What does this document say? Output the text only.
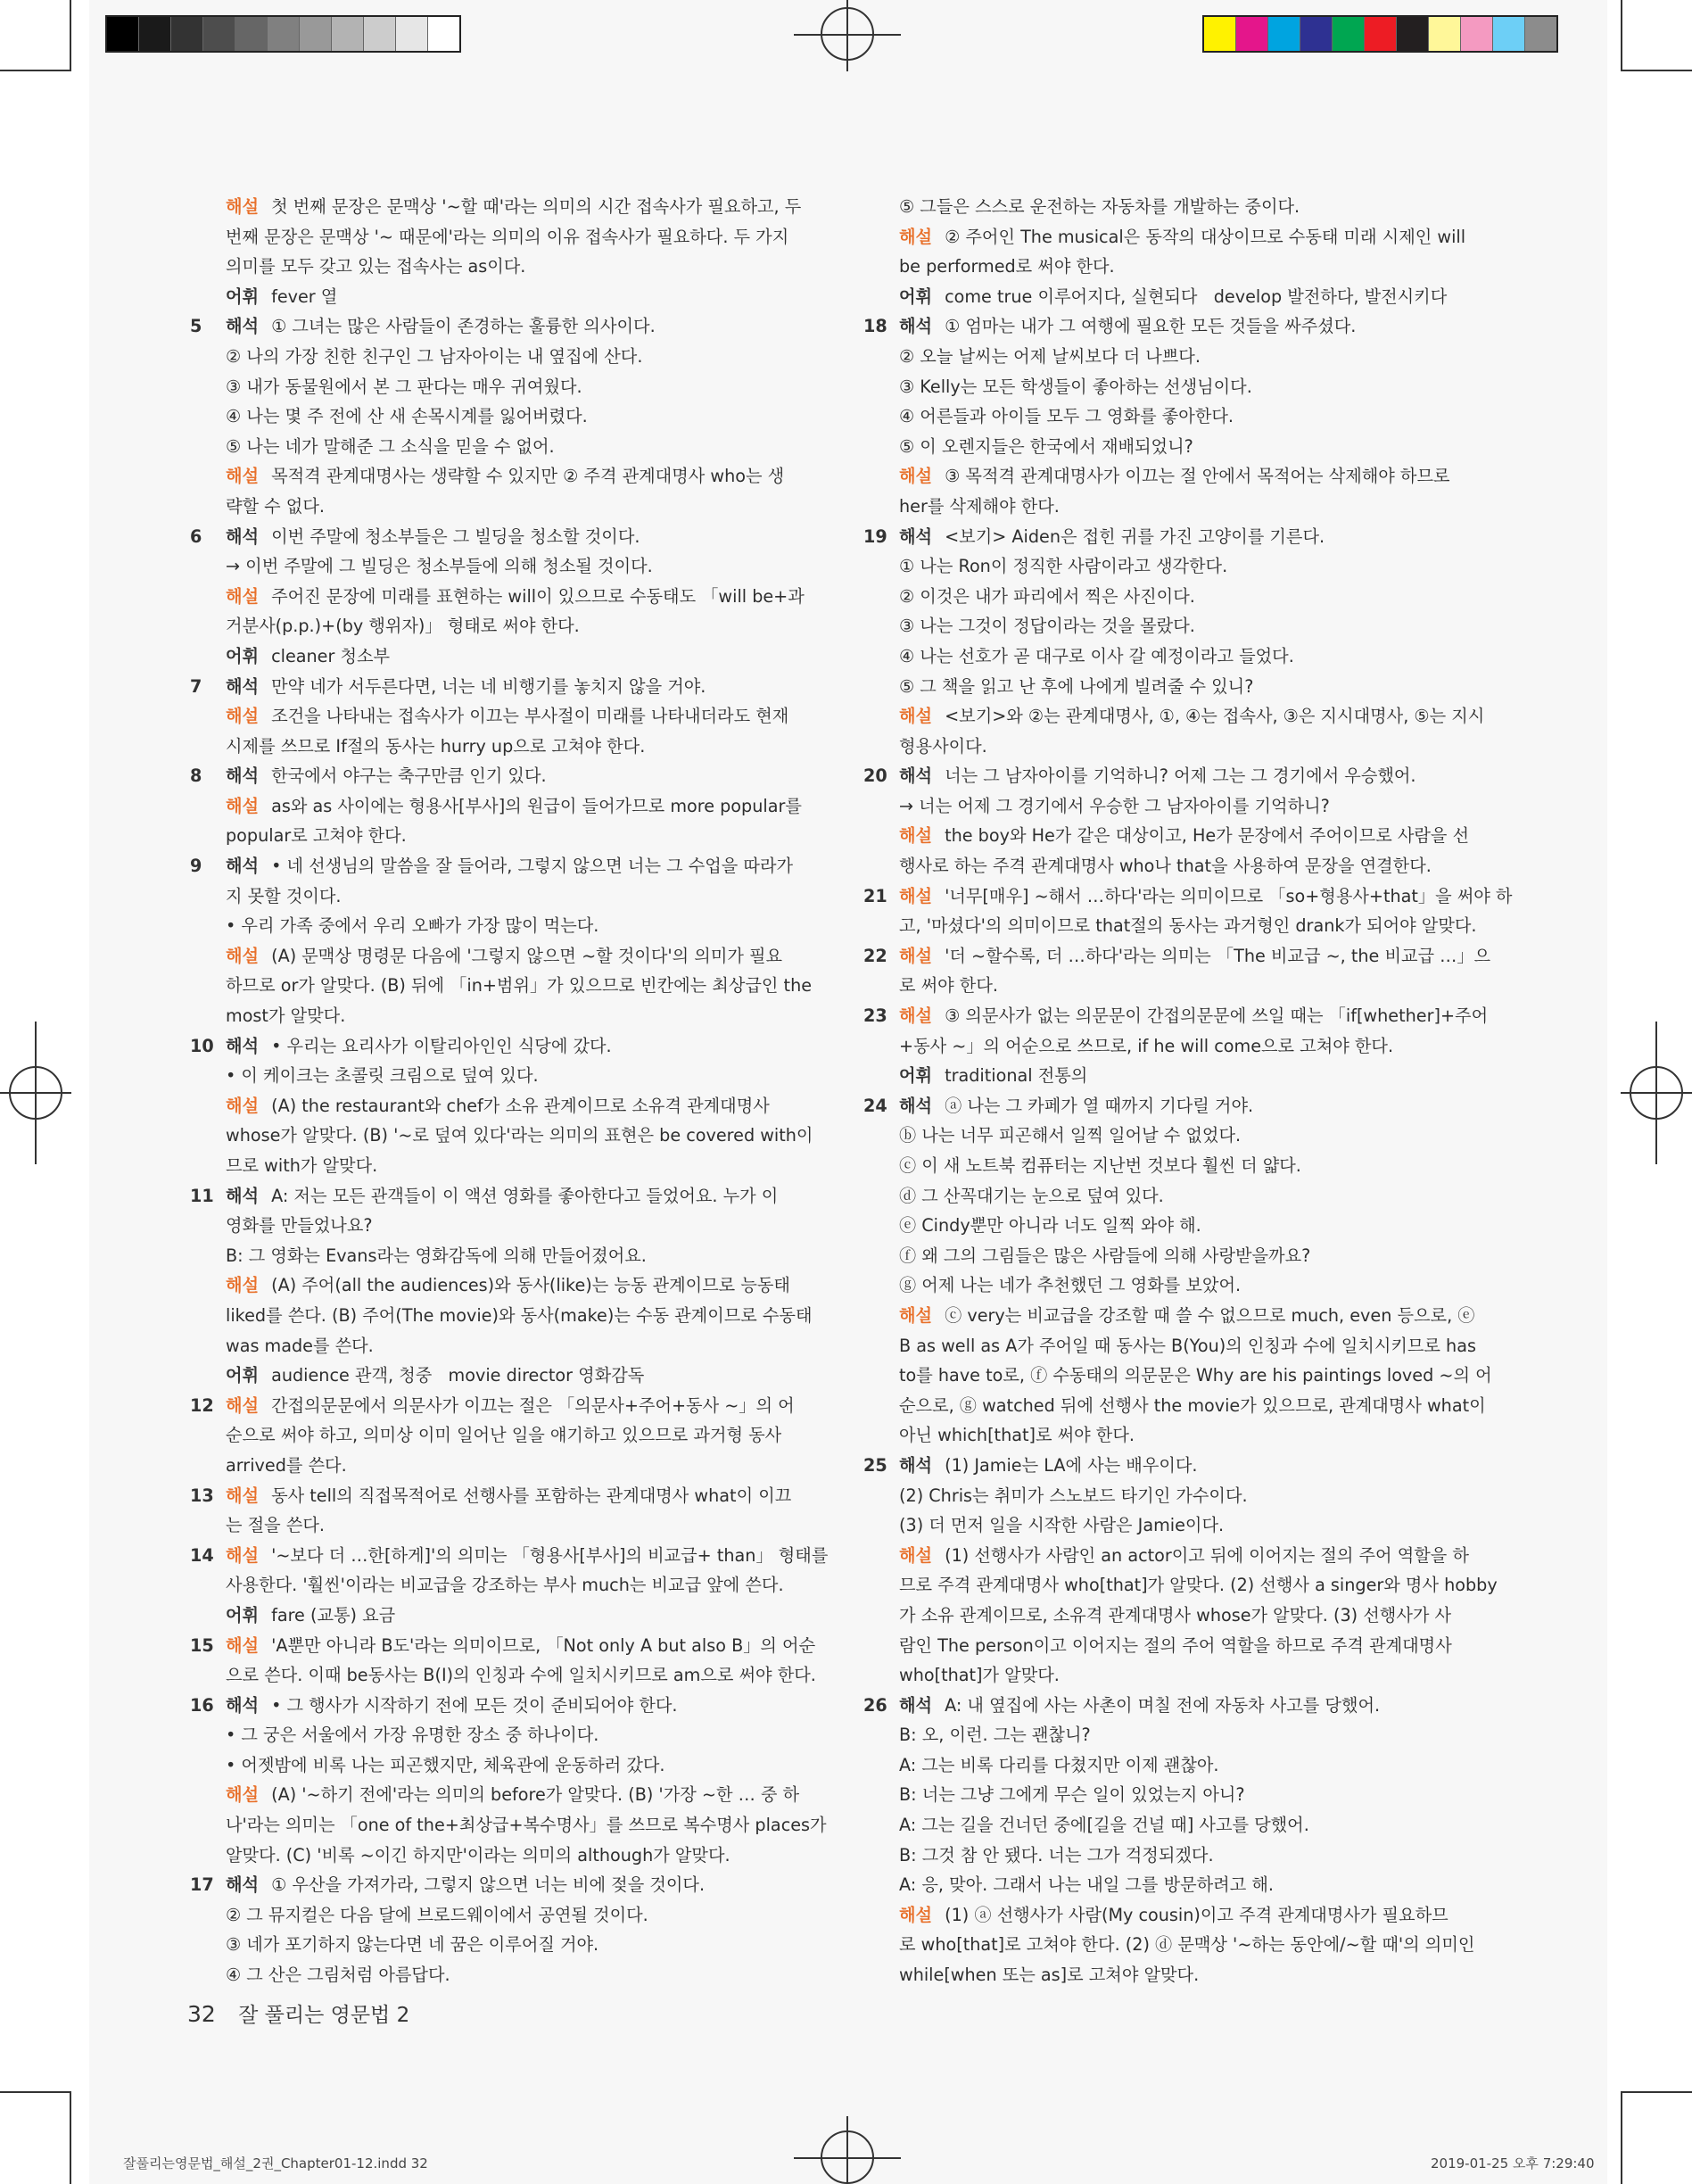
해설 첫 번째 문장은 문맥상 '~할 때'라는 의미의 시간 접속사가 필요하고, 두
번째 문장은 문맥상 '~ 때문에'라는 의미의 이유 접속사가 필요하다. 두 가지
의미를 모두 갖고 있는 접속사는 as이다.
어휘 fever 열
5 해석 ① 그녀는 많은 사람들이 존경하는 훌륭한 의사이다.
② 나의 가장 친한 친구인 그 남자아이는 내 옆집에 산다.
③ 내가 동물원에서 본 그 판다는 매우 귀여웠다.
④ 나는 몇 주 전에 산 새 손목시계를 잃어버렸다.
⑤ 나는 네가 말해준 그 소식을 믿을 수 없어.
해설 목적격 관계대명사는 생략할 수 있지만 ② 주격 관계대명사 who는 생
략할 수 없다.
6 해석 이번 주말에 청소부들은 그 빌딩을 청소할 것이다.
→ 이번 주말에 그 빌딩은 청소부들에 의해 청소될 것이다.
해설 주어진 문장에 미래를 표현하는 will이 있으므로 수동태도 「will be+과
거분사(p.p.)+(by 행위자)」 형태로 써야 한다.
어휘 cleaner 청소부
7 해석 만약 네가 서두른다면, 너는 네 비행기를 놓치지 않을 거야.
해설 조건을 나타내는 접속사가 이끄는 부사절이 미래를 나타내더라도 현재
시제를 쓰므로 If절의 동사는 hurry up으로 고쳐야 한다.
8 해석 한국에서 야구는 축구만큼 인기 있다.
해설 as와 as 사이에는 형용사[부사]의 원급이 들어가므로 more popular를
popular로 고쳐야 한다.
9 해석 • 네 선생님의 말씀을 잘 들어라, 그렇지 않으면 너는 그 수업을 따라가
지 못할 것이다.
• 우리 가족 중에서 우리 오빠가 가장 많이 먹는다.
해설 (A) 문맥상 명령문 다음에 '그렇지 않으면 ~할 것이다'의 의미가 필요
하므로 or가 알맞다. (B) 뒤에 「in+범위」가 있으므로 빈칸에는 최상급인 the
most가 알맞다.
10 해석 • 우리는 요리사가 이탈리아인인 식당에 갔다.
• 이 케이크는 초콜릿 크림으로 덮여 있다.
해설 (A) the restaurant와 chef가 소유 관계이므로 소유격 관계대명사
whose가 알맞다. (B) '~로 덮여 있다'라는 의미의 표현은 be covered with이
므로 with가 알맞다.
11 해석 A: 저는 모든 관객들이 이 액션 영화를 좋아한다고 들었어요. 누가 이
영화를 만들었나요?
B: 그 영화는 Evans라는 영화감독에 의해 만들어졌어요.
해설 (A) 주어(all the audiences)와 동사(like)는 능동 관계이므로 능동태
liked를 쓴다. (B) 주어(The movie)와 동사(make)는 수동 관계이므로 수동태
was made를 쓴다.
어휘 audience 관객, 청중   movie director 영화감독
12 해설 간접의문문에서 의문사가 이끄는 절은 「의문사+주어+동사 ~」의 어
순으로 써야 하고, 의미상 이미 일어난 일을 얘기하고 있으므로 과거형 동사
arrived를 쓴다.
13 해설 동사 tell의 직접목적어로 선행사를 포함하는 관계대명사 what이 이끄
는 절을 쓴다.
14 해설 '~보다 더 …한[하게]'의 의미는 「형용사[부사]의 비교급+ than」 형태를
사용한다. '훨씬'이라는 비교급을 강조하는 부사 much는 비교급 앞에 쓴다.
어휘 fare (교통) 요금
15 해설 'A뿐만 아니라 B도'라는 의미이므로, 「Not only A but also B」의 어순
으로 쓴다. 이때 be동사는 B(I)의 인칭과 수에 일치시키므로 am으로 써야 한다.
16 해석 • 그 행사가 시작하기 전에 모든 것이 준비되어야 한다.
• 그 궁은 서울에서 가장 유명한 장소 중 하나이다.
• 어젯밤에 비록 나는 피곤했지만, 체육관에 운동하러 갔다.
해설 (A) '~하기 전에'라는 의미의 before가 알맞다. (B) '가장 ~한 … 중 하
나'라는 의미는 「one of the+최상급+복수명사」를 쓰므로 복수명사 places가
알맞다. (C) '비록 ~이긴 하지만'이라는 의미의 although가 알맞다.
17 해석 ① 우산을 가져가라, 그렇지 않으면 너는 비에 젖을 것이다.
② 그 뮤지컬은 다음 달에 브로드웨이에서 공연될 것이다.
③ 네가 포기하지 않는다면 네 꿈은 이루어질 거야.
④ 그 산은 그림처럼 아름답다.
⑤ 그들은 스스로 운전하는 자동차를 개발하는 중이다.
해설 ② 주어인 The musical은 동작의 대상이므로 수동태 미래 시제인 will
be performed로 써야 한다.
어휘 come true 이루어지다, 실현되다   develop 발전하다, 발전시키다
18 해석 ① 엄마는 내가 그 여행에 필요한 모든 것들을 싸주셨다.
② 오늘 날씨는 어제 날씨보다 더 나쁘다.
③ Kelly는 모든 학생들이 좋아하는 선생님이다.
④ 어른들과 아이들 모두 그 영화를 좋아한다.
⑤ 이 오렌지들은 한국에서 재배되었니?
해설 ③ 목적격 관계대명사가 이끄는 절 안에서 목적어는 삭제해야 하므로
her를 삭제해야 한다.
19 해석 <보기> Aiden은 접힌 귀를 가진 고양이를 기른다.
① 나는 Ron이 정직한 사람이라고 생각한다.
② 이것은 내가 파리에서 찍은 사진이다.
③ 나는 그것이 정답이라는 것을 몰랐다.
④ 나는 선호가 곧 대구로 이사 갈 예정이라고 들었다.
⑤ 그 책을 읽고 난 후에 나에게 빌려줄 수 있니?
해설 <보기>와 ②는 관계대명사, ①, ④는 접속사, ③은 지시대명사, ⑤는 지시
형용사이다.
20 해석 너는 그 남자아이를 기억하니? 어제 그는 그 경기에서 우승했어.
→ 너는 어제 그 경기에서 우승한 그 남자아이를 기억하니?
해설 the boy와 He가 같은 대상이고, He가 문장에서 주어이므로 사람을 선
행사로 하는 주격 관계대명사 who나 that을 사용하여 문장을 연결한다.
21 해설 '너무[매우] ~해서 …하다'라는 의미이므로 「so+형용사+that」을 써야 하
고, '마셨다'의 의미이므로 that절의 동사는 과거형인 drank가 되어야 알맞다.
22 해설 '더 ~할수록, 더 …하다'라는 의미는 「The 비교급 ~, the 비교급 …」으
로 써야 한다.
23 해설 ③ 의문사가 없는 의문문이 간접의문문에 쓰일 때는 「if[whether]+주어
+동사 ~」의 어순으로 쓰므로, if he will come으로 고쳐야 한다.
어휘 traditional 전통의
24 해석 ⓐ 나는 그 카페가 열 때까지 기다릴 거야.
ⓑ 나는 너무 피곤해서 일찍 일어날 수 없었다.
ⓒ 이 새 노트북 컴퓨터는 지난번 것보다 훨씬 더 얇다.
ⓓ 그 산꼭대기는 눈으로 덮여 있다.
ⓔ Cindy뿐만 아니라 너도 일찍 와야 해.
ⓕ 왜 그의 그림들은 많은 사람들에 의해 사랑받을까요?
ⓖ 어제 나는 네가 추천했던 그 영화를 보았어.
해설 ⓒ very는 비교급을 강조할 때 쓸 수 없으므로 much, even 등으로, ⓔ
B as well as A가 주어일 때 동사는 B(You)의 인칭과 수에 일치시키므로 has
to를 have to로, ⓕ 수동태의 의문문은 Why are his paintings loved ~의 어
순으로, ⓖ watched 뒤에 선행사 the movie가 있으므로, 관계대명사 what이
아닌 which[that]로 써야 한다.
25 해석 (1) Jamie는 LA에 사는 배우이다.
(2) Chris는 취미가 스노보드 타기인 가수이다.
(3) 더 먼저 일을 시작한 사람은 Jamie이다.
해설 (1) 선행사가 사람인 an actor이고 뒤에 이어지는 절의 주어 역할을 하
므로 주격 관계대명사 who[that]가 알맞다. (2) 선행사 a singer와 명사 hobby
가 소유 관계이므로, 소유격 관계대명사 whose가 알맞다. (3) 선행사가 사
람인 The person이고 이어지는 절의 주어 역할을 하므로 주격 관계대명사
who[that]가 알맞다.
26 해석 A: 내 옆집에 사는 사촌이 며칠 전에 자동차 사고를 당했어.
B: 오, 이런. 그는 괜찮니?
A: 그는 비록 다리를 다쳤지만 이제 괜찮아.
B: 너는 그냥 그에게 무슨 일이 있었는지 아니?
A: 그는 길을 건너던 중에[길을 건널 때] 사고를 당했어.
B: 그것 참 안 됐다. 너는 그가 걱정되겠다.
A: 응, 맞아. 그래서 나는 내일 그를 방문하려고 해.
해설 (1) ⓐ 선행사가 사람(My cousin)이고 주격 관계대명사가 필요하므
로 who[that]로 고쳐야 한다. (2) ⓓ 문맥상 '~하는 동안에/~할 때'의 의미인
while[when 또는 as]로 고쳐야 알맞다.
32 잘 풀리는 영문법 2
잘풀리는영문법_해설_2권_Chapter01-12.indd 32	2019-01-25 오후 7:29:40
